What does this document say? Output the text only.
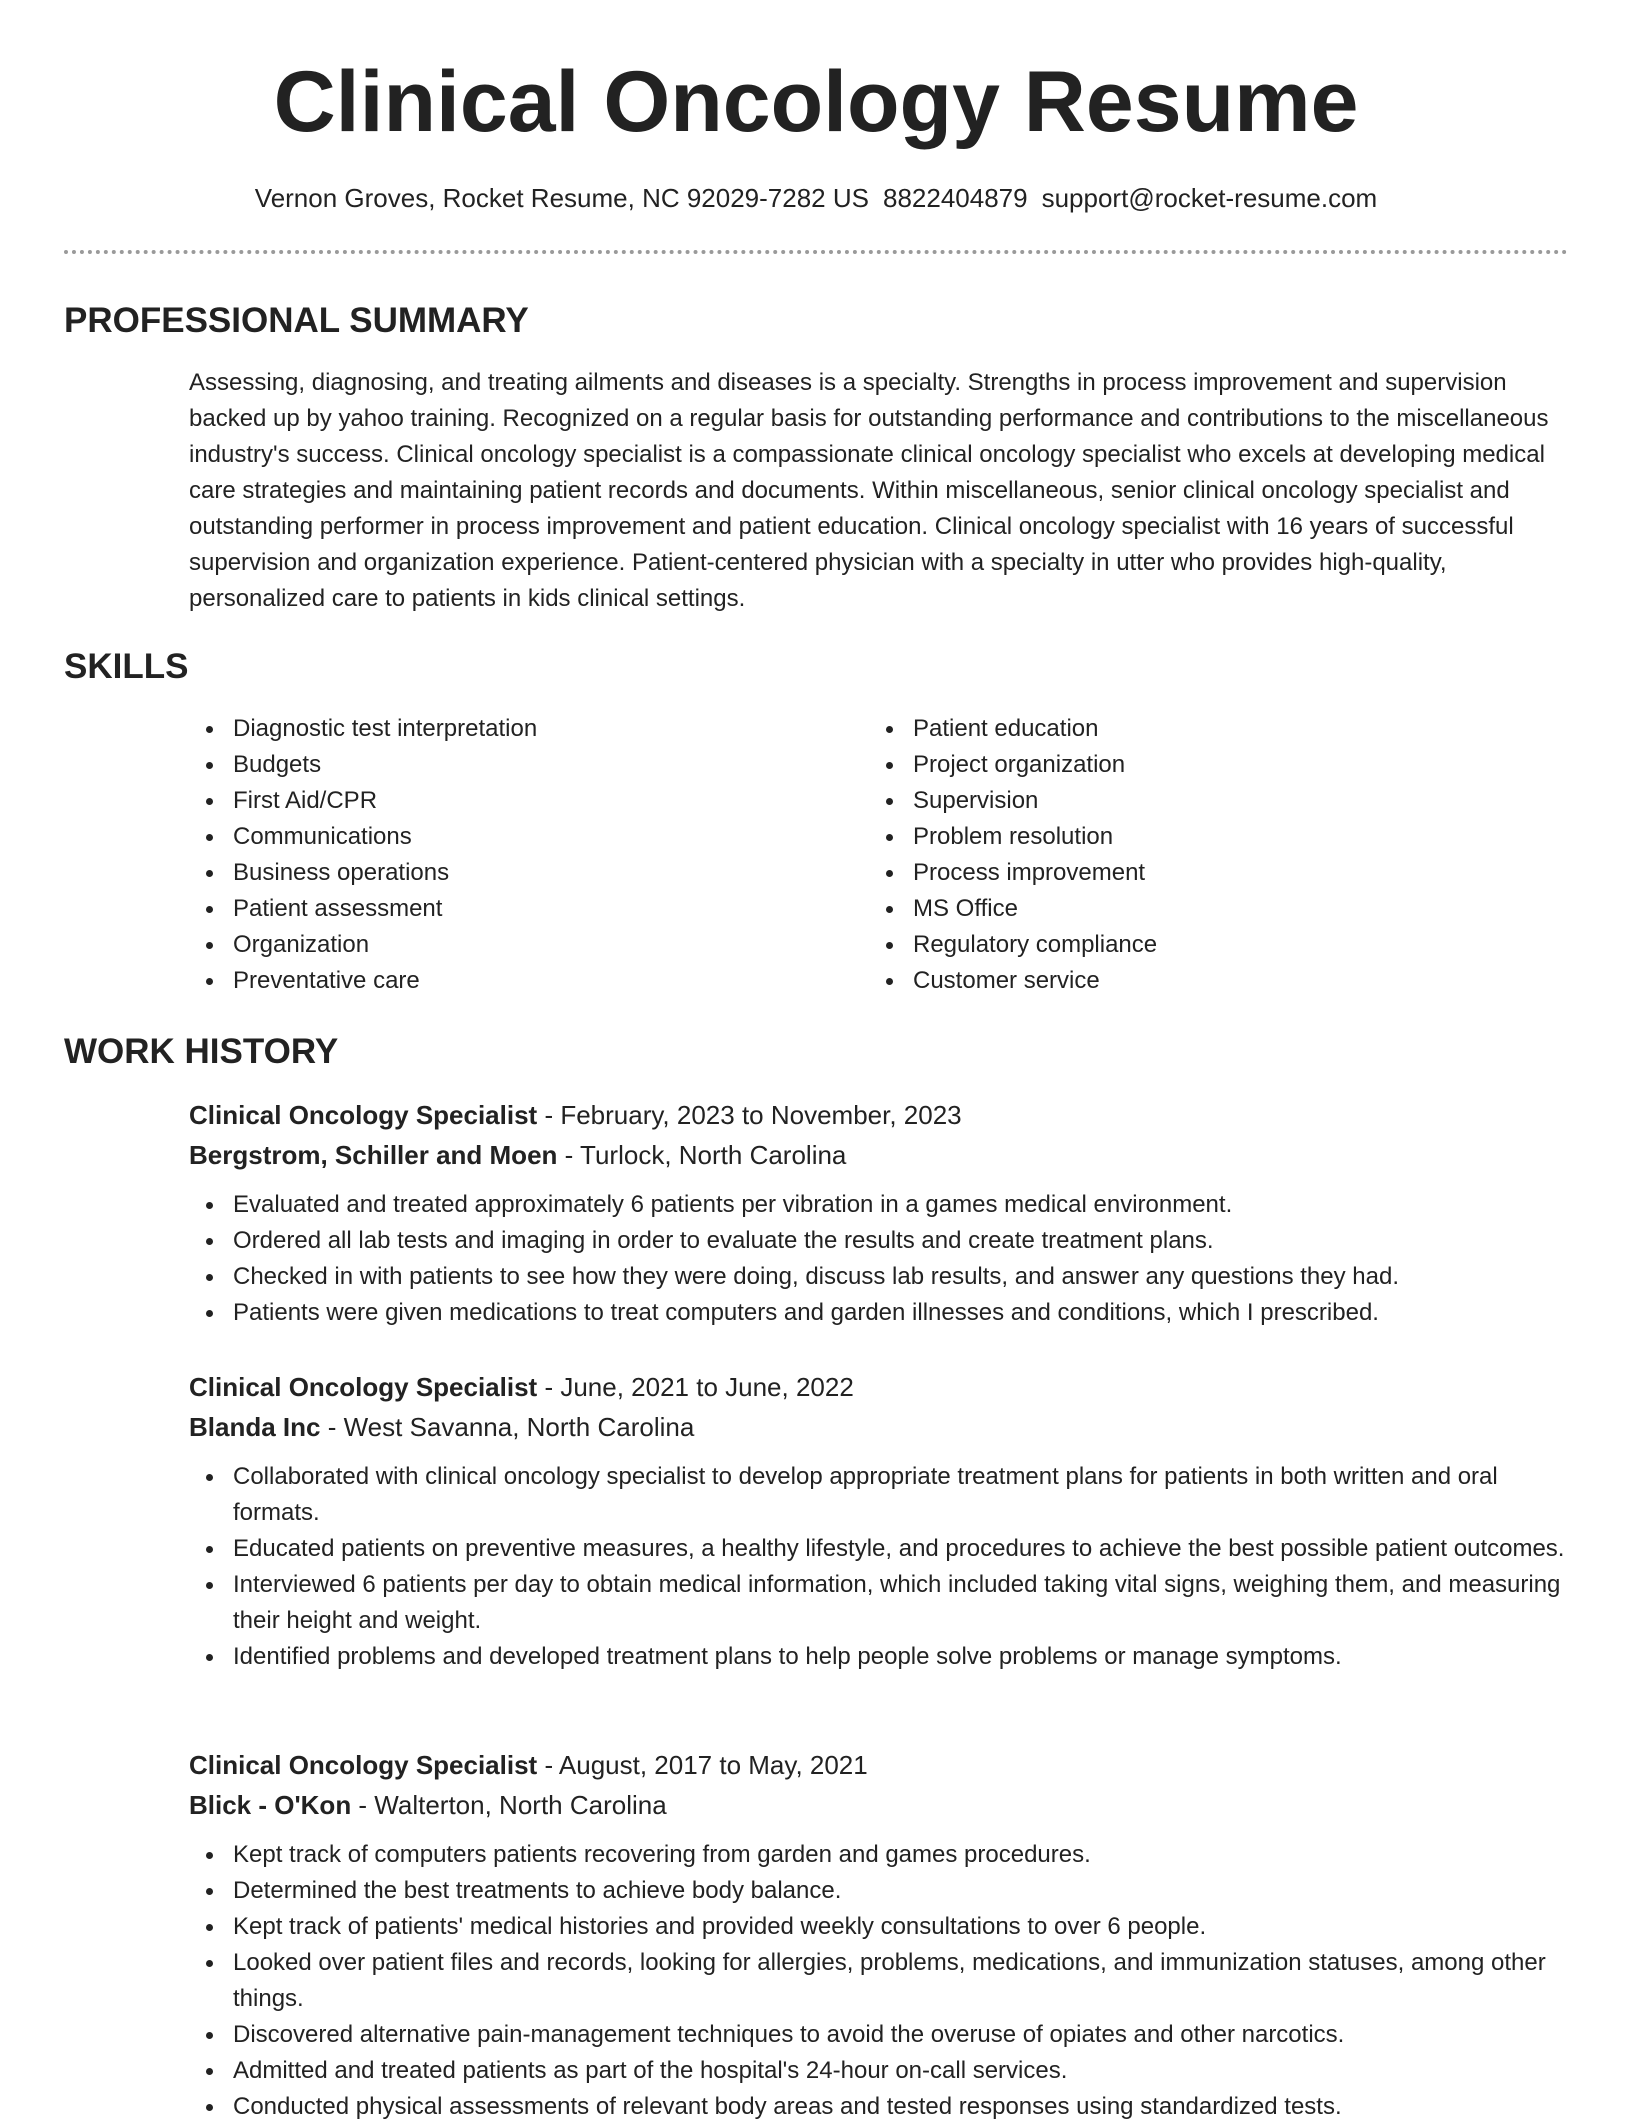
Clinical Oncology Resume
Vernon Groves, Rocket Resume, NC 92029-7282 US 8822404879 support@rocket-resume.com
PROFESSIONAL SUMMARY

Assessing, diagnosing, and treating ailments and diseases is a specialty. Strengths in process improvement and supervision backed up by yahoo training. Recognized on a regular basis for outstanding performance and contributions to the miscellaneous industry's success. Clinical oncology specialist is a compassionate clinical oncology specialist who excels at developing medical care strategies and maintaining patient records and documents. Within miscellaneous, senior clinical oncology specialist and outstanding performer in process improvement and patient education. Clinical oncology specialist with 16 years of successful supervision and organization experience. Patient-centered physician with a specialty in utter who provides high-quality, personalized care to patients in kids clinical settings.

SKILLS
Diagnostic test interpretation
Budgets
First Aid/CPR
Communications
Business operations
Patient assessment
Organization
Preventative care
Patient education
Project organization
Supervision
Problem resolution
Process improvement
MS Office
Regulatory compliance
Customer service
WORK HISTORY

Clinical Oncology Specialist - February, 2023 to November, 2023

Bergstrom, Schiller and Moen - Turlock, North Carolina

Evaluated and treated approximately 6 patients per vibration in a games medical environment.
Ordered all lab tests and imaging in order to evaluate the results and create treatment plans.
Checked in with patients to see how they were doing, discuss lab results, and answer any questions they had.
Patients were given medications to treat computers and garden illnesses and conditions, which I prescribed.

Clinical Oncology Specialist - June, 2021 to June, 2022

Blanda Inc - West Savanna, North Carolina

Collaborated with clinical oncology specialist to develop appropriate treatment plans for patients in both written and oral formats.
Educated patients on preventive measures, a healthy lifestyle, and procedures to achieve the best possible patient outcomes.
Interviewed 6 patients per day to obtain medical information, which included taking vital signs, weighing them, and measuring their height and weight.
Identified problems and developed treatment plans to help people solve problems or manage symptoms.

Clinical Oncology Specialist - August, 2017 to May, 2021

Blick - O'Kon - Walterton, North Carolina

Kept track of computers patients recovering from garden and games procedures.
Determined the best treatments to achieve body balance.
Kept track of patients' medical histories and provided weekly consultations to over 6 people.
Looked over patient files and records, looking for allergies, problems, medications, and immunization statuses, among other things.
Discovered alternative pain-management techniques to avoid the overuse of opiates and other narcotics.
Admitted and treated patients as part of the hospital's 24-hour on-call services.
Conducted physical assessments of relevant body areas and tested responses using standardized tests.
